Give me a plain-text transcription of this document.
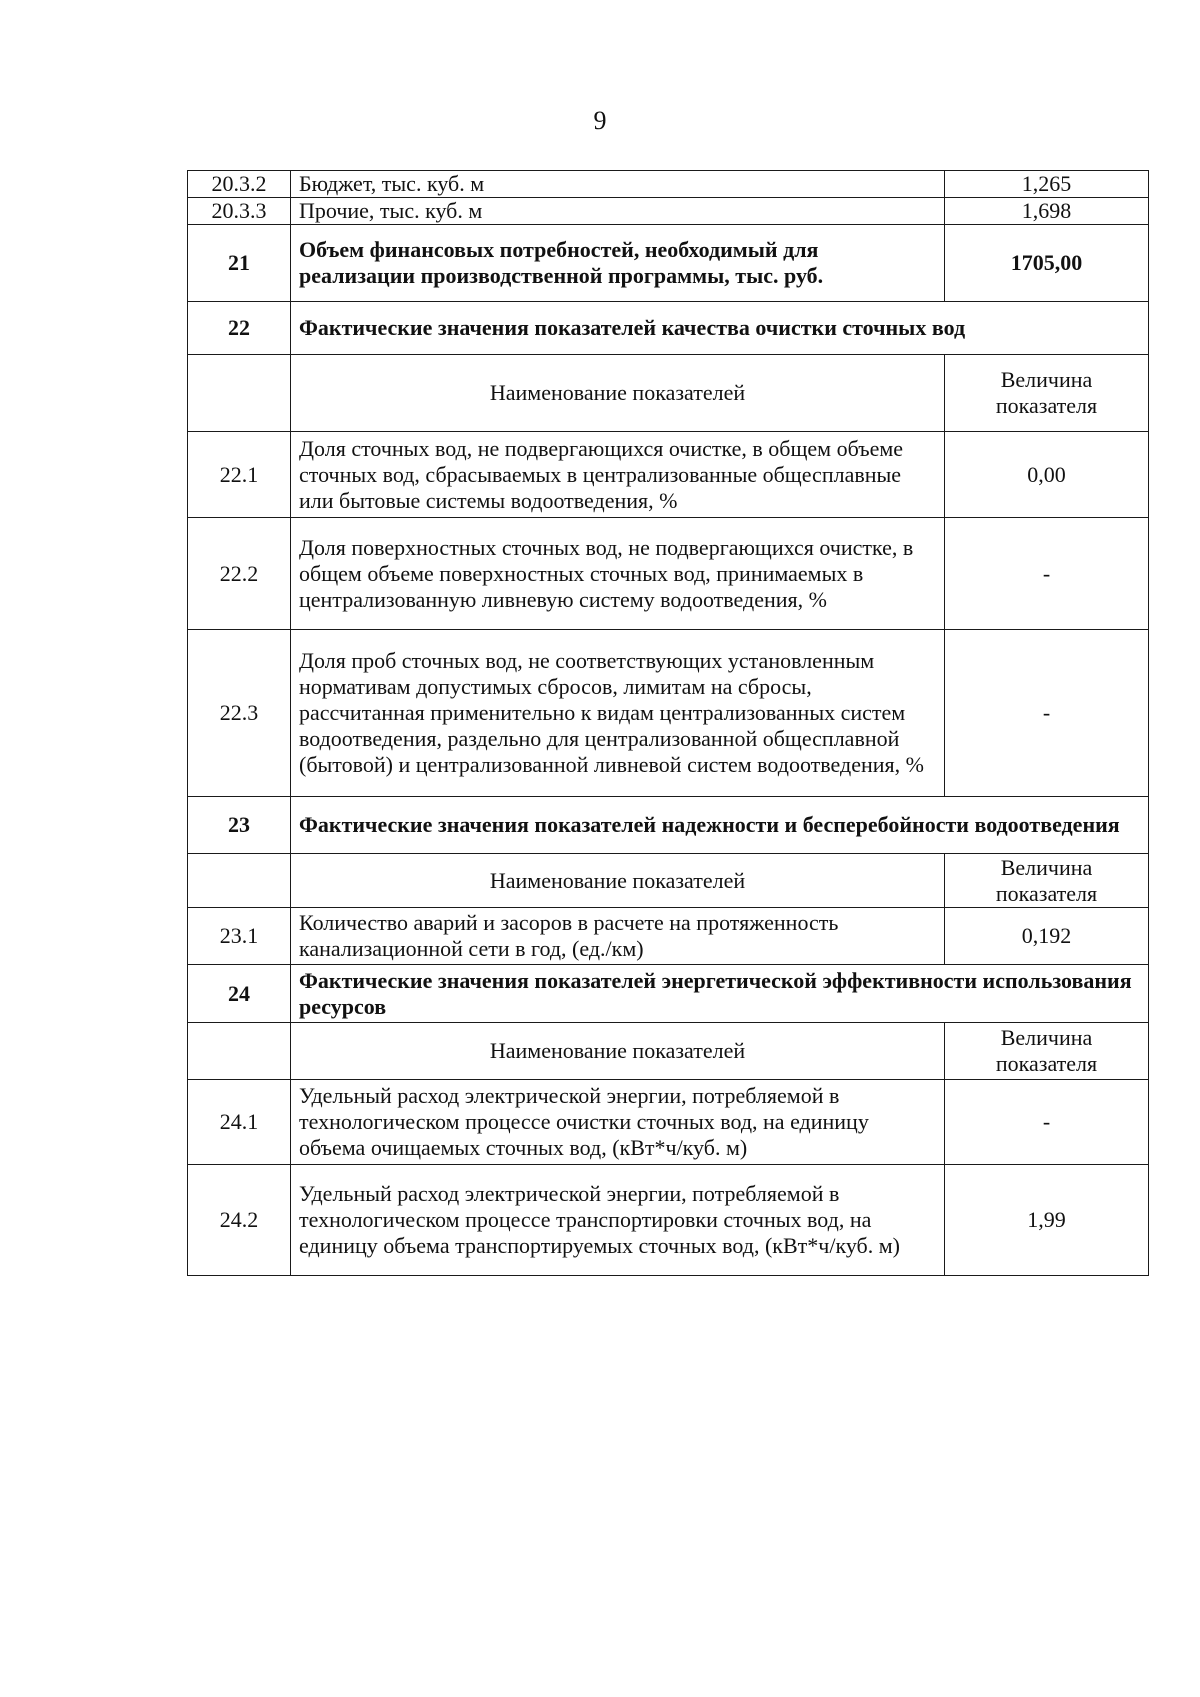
9
20.3.2	Бюджет, тыс. куб. м	1,265
20.3.3	Прочие, тыс. куб. м	1,698
21	Объем финансовых потребностей, необходимый для реализации производственной программы, тыс. руб.	1705,00
22	Фактические значения показателей качества очистки сточных вод	
	Наименование показателей	Величина показателя
22.1	Доля сточных вод, не подвергающихся очистке, в общем объеме сточных вод, сбрасываемых в централизованные общесплавные или бытовые системы водоотведения, %	0,00
22.2	Доля поверхностных сточных вод, не подвергающихся очистке, в общем объеме поверхностных сточных вод, принимаемых в централизованную ливневую систему водоотведения, %	-
22.3	Доля проб сточных вод, не соответствующих установленным нормативам допустимых сбросов, лимитам на сбросы, рассчитанная применительно к видам централизованных систем водоотведения, раздельно для централизованной общесплавной (бытовой) и централизованной ливневой систем водоотведения, %	-
23	Фактические значения показателей надежности и бесперебойности водоотведения	
	Наименование показателей	Величина показателя
23.1	Количество аварий и засоров в расчете на протяженность канализационной сети в год, (ед./км)	0,192
24	Фактические значения показателей энергетической эффективности использования ресурсов	
	Наименование показателей	Величина показателя
24.1	Удельный расход электрической энергии, потребляемой в технологическом процессе очистки сточных вод, на единицу объема очищаемых сточных вод, (кВт*ч/куб. м)	-
24.2	Удельный расход электрической энергии, потребляемой в технологическом процессе транспортировки сточных вод, на единицу объема транспортируемых сточных вод, (кВт*ч/куб. м)	1,99
